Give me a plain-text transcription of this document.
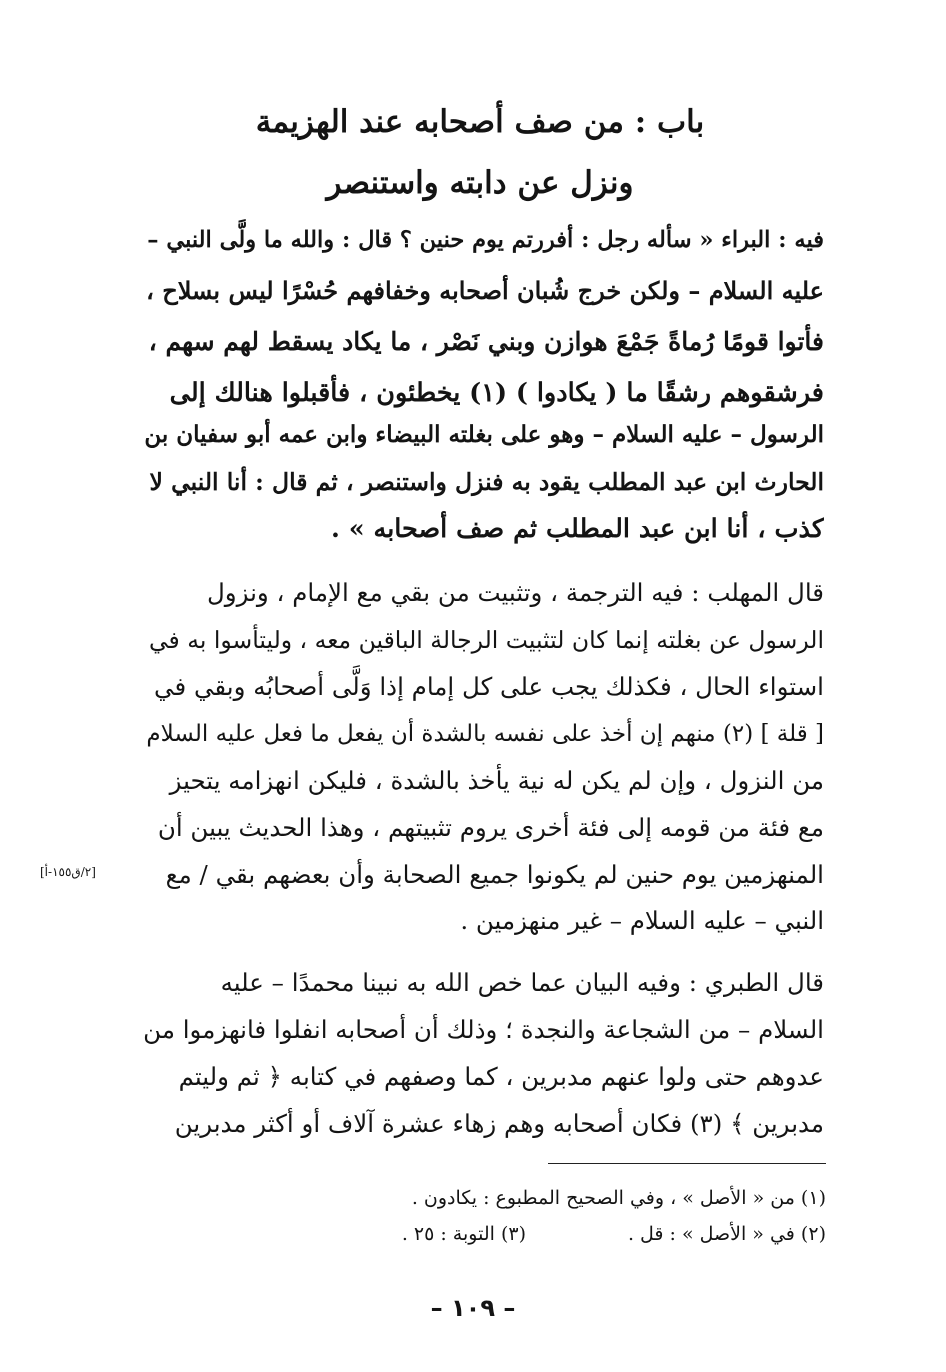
باب : من صف أصحابه عند الهزيمة
ونزل عن دابته واستنصر
فيه : البراء « سأله رجل : أفررتم يوم حنين ؟ قال : والله ما ولَّى النبي –
عليه السلام – ولكن خرج شُبان أصحابه وخفافهم حُسْرًا ليس بسلاح ،
فأتوا قومًا رُماةً جَمْعَ هوازن وبني نَصْر ، ما يكاد يسقط لهم سهم ،
فرشقوهم رشقًا ما ( يكادوا ) (١) يخطئون ، فأقبلوا هنالك إلى
الرسول – عليه السلام – وهو على بغلته البيضاء وابن عمه أبو سفيان بن
الحارث ابن عبد المطلب يقود به فنزل واستنصر ، ثم قال : أنا النبي لا
كذب ، أنا ابن عبد المطلب ثم صف أصحابه » .
قال المهلب : فيه الترجمة ، وتثبيت من بقي مع الإمام ، ونزول
الرسول عن بغلته إنما كان لتثبيت الرجالة الباقين معه ، وليتأسوا به في
استواء الحال ، فكذلك يجب على كل إمام إذا وَلَّى أصحابُه وبقي في
[ قلة ] (٢) منهم إن أخذ على نفسه بالشدة أن يفعل ما فعل عليه السلام
من النزول ، وإن لم يكن له نية يأخذ بالشدة ، فليكن انهزامه يتحيز
مع فئة من قومه إلى فئة أخرى يروم تثبيتهم ، وهذا الحديث يبين أن
المنهزمين يوم حنين لم يكونوا جميع الصحابة وأن بعضهم بقي / مع
النبي – عليه السلام – غير منهزمين .
[٢/ق١٥٥-أ]
قال الطبري : وفيه البيان عما خص الله به نبينا محمدًا – عليه
السلام – من الشجاعة والنجدة ؛ وذلك أن أصحابه انفلوا فانهزموا من
عدوهم حتى ولوا عنهم مدبرين ، كما وصفهم في كتابه ﴿ ثم وليتم
مدبرين ﴾ (٣) فكان أصحابه وهم زهاء عشرة آلاف أو أكثر مدبرين
(١) من « الأصل » ، وفي الصحيح المطبوع : يكادون .
(٢) في « الأصل » : قل .(٣) التوبة : ٢٥ .
– ١٠٩ –
